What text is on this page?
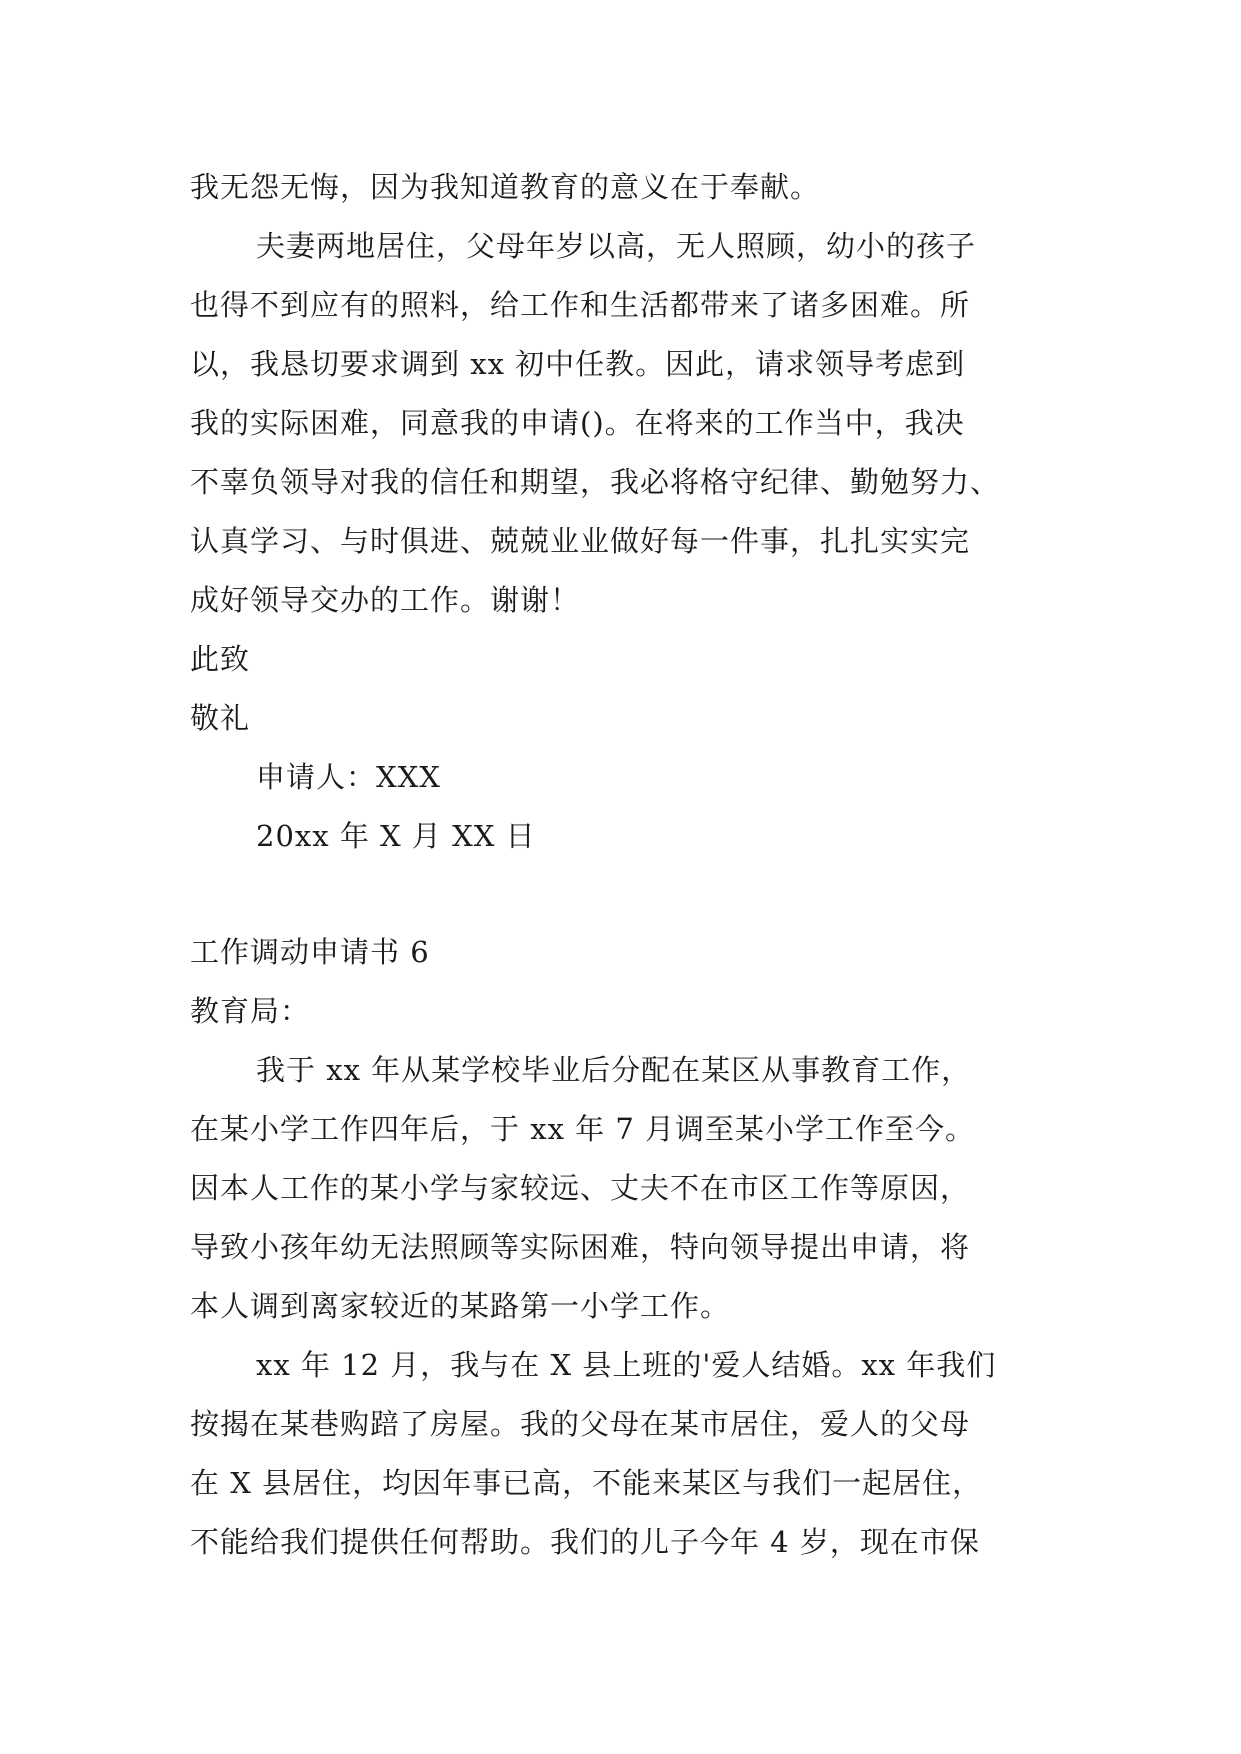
我无怨无悔，因为我知道教育的意义在于奉献。
夫妻两地居住，父母年岁以高，无人照顾，幼小的孩子
也得不到应有的照料，给工作和生活都带来了诸多困难。所
以，我恳切要求调到 xx 初中任教。因此，请求领导考虑到
我的实际困难，同意我的申请()。在将来的工作当中，我决
不辜负领导对我的信任和期望，我必将格守纪律、勤勉努力、
认真学习、与时俱进、兢兢业业做好每一件事，扎扎实实完
成好领导交办的工作。谢谢！
此致
敬礼
申请人：XXX
20xx 年 X 月 XX 日
工作调动申请书 6
教育局：
我于 xx 年从某学校毕业后分配在某区从事教育工作，
在某小学工作四年后，于 xx 年 7 月调至某小学工作至今。
因本人工作的某小学与家较远、丈夫不在市区工作等原因，
导致小孩年幼无法照顾等实际困难，特向领导提出申请，将
本人调到离家较近的某路第一小学工作。
xx 年 12 月，我与在 X 县上班的'爱人结婚。xx 年我们
按揭在某巷购踣了房屋。我的父母在某市居住，爱人的父母
在 X 县居住，均因年事已高，不能来某区与我们一起居住，
不能给我们提供任何帮助。我们的儿子今年 4 岁，现在市保
